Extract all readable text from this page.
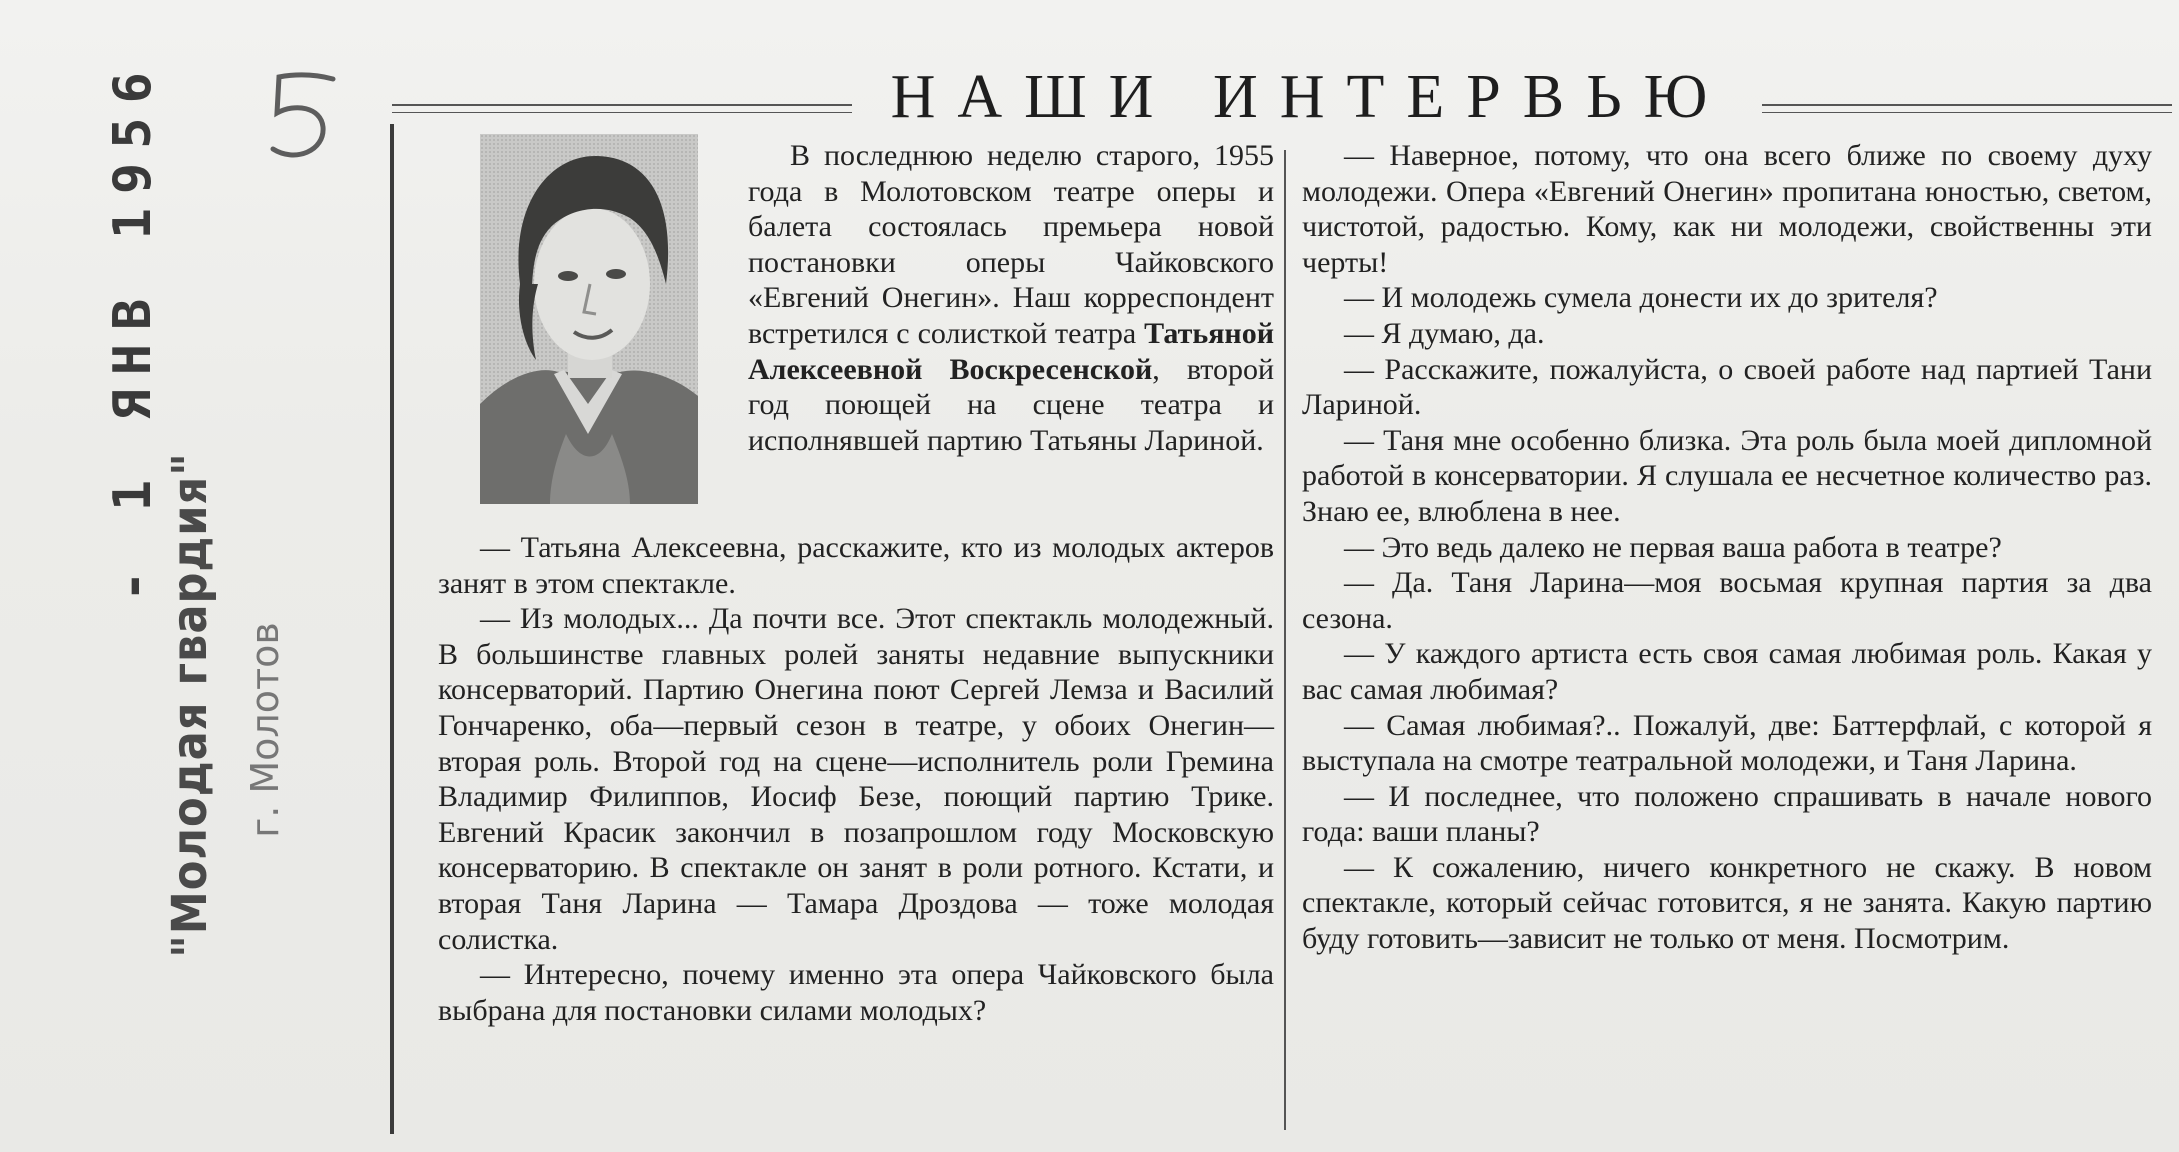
- 1 ЯНВ 1956
"Молодая гвардия" г. Молотов
НАШИ ИНТЕРВЬЮ

В последнюю неделю старого, 1955 года в Молотовском театре оперы и балета состоялась премьера новой постановки оперы Чайковского «Евгений Онегин». Наш корреспондент встретился с солисткой театра Татьяной Алексеевной Воскресенской, второй год поющей на сцене театра и исполнявшей партию Татьяны Лариной.

— Татьяна Алексеевна, расскажите, кто из молодых актеров занят в этом спектакле.

— Из молодых... Да почти все. Этот спектакль молодежный. В большинстве главных ролей заняты недавние выпускники консерваторий. Партию Онегина поют Сергей Лемза и Василий Гончаренко, оба—первый сезон в театре, у обоих Онегин—вторая роль. Второй год на сцене—исполнитель роли Гремина Владимир Филиппов, Иосиф Безе, поющий партию Трике. Евгений Красик закончил в позапрошлом году Московскую консерваторию. В спектакле он занят в роли ротного. Кстати, и вторая Таня Ларина — Тамара Дроздова — тоже молодая солистка.

— Интересно, почему именно эта опера Чайковского была выбрана для постановки силами молодых?

— Наверное, потому, что она всего ближе по своему духу молодежи. Опера «Евгений Онегин» пропитана юностью, светом, чистотой, радостью. Кому, как ни молодежи, свойственны эти черты!

— И молодежь сумела донести их до зрителя?

— Я думаю, да.

— Расскажите, пожалуйста, о своей работе над партией Тани Лариной.

— Таня мне особенно близка. Эта роль была моей дипломной работой в консерватории. Я слушала ее несчетное количество раз. Знаю ее, влюблена в нее.

— Это ведь далеко не первая ваша работа в театре?

— Да. Таня Ларина—моя восьмая крупная партия за два сезона.

— У каждого артиста есть своя самая любимая роль. Какая у вас самая любимая?

— Самая любимая?.. Пожалуй, две: Баттерфлай, с которой я выступала на смотре театральной молодежи, и Таня Ларина.

— И последнее, что положено спрашивать в начале нового года: ваши планы?

— К сожалению, ничего конкретного не скажу. В новом спектакле, который сейчас готовится, я не занята. Какую партию буду готовить—зависит не только от меня. Посмотрим.
